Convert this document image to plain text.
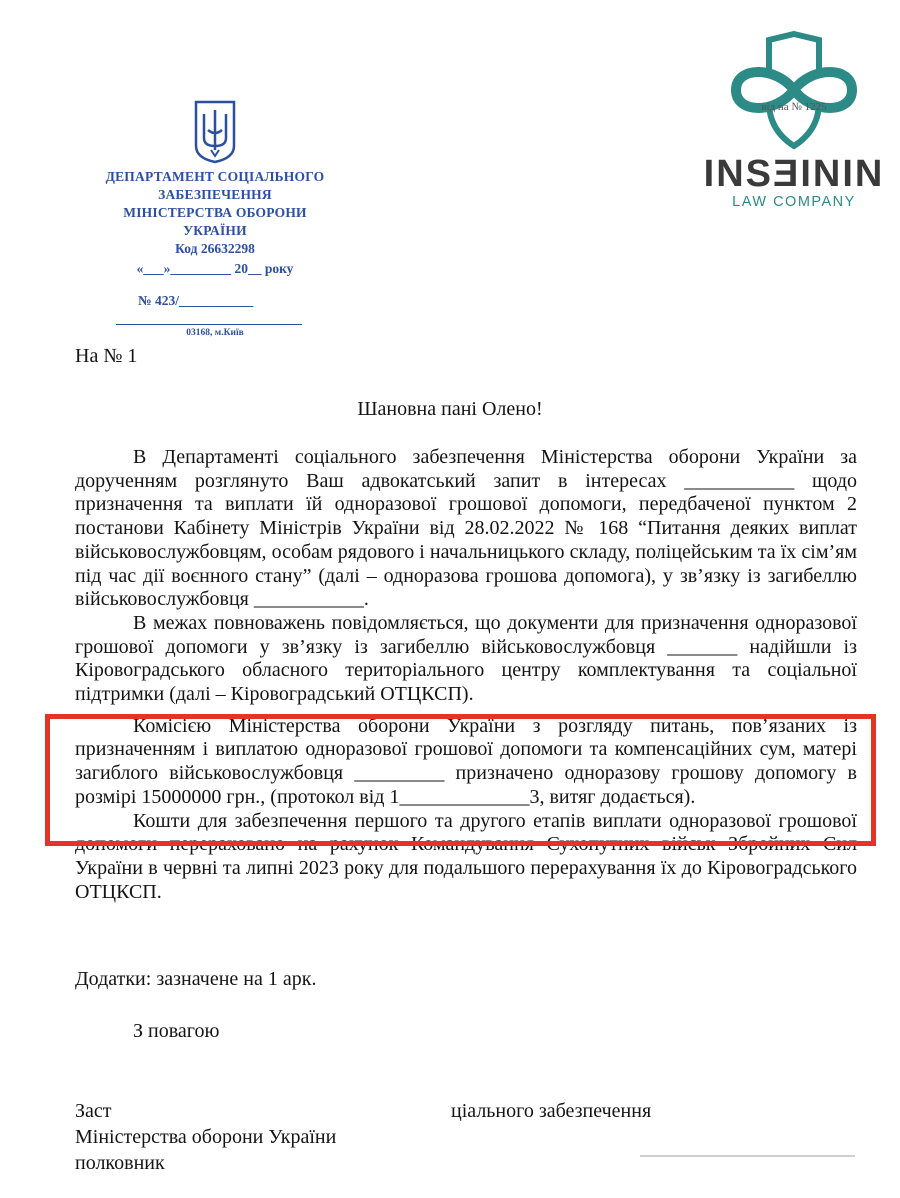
ДЕПАРТАМЕНТ СОЦІАЛЬНОГО
ЗАБЕЗПЕЧЕННЯ
МІНІСТЕРСТВА ОБОРОНИ
УКРАЇНИ
Код 26632298
«___»_________ 20__ року
№ 423/___________
03168, м.Київ
від на № 1225
INSƎININ
LAW COMPANY
На № 1
Шановна пані Олено!

В Департаменті соціального забезпечення Міністерства оборони України за дорученням розглянуто Ваш адвокатський запит в інтересах ___________ щодо призначення та виплати їй одноразової грошової допомоги, передбаченої пунктом 2 постанови Кабінету Міністрів України від 28.02.2022 № 168 “Питання деяких виплат військовослужбовцям, особам рядового і начальницького складу, поліцейським та їх сім’ям під час дії воєнного стану” (далі – одноразова грошова допомога), у зв’язку із загибеллю військовослужбовця ___________.

В межах повноважень повідомляється, що документи для призначення одноразової грошової допомоги у зв’язку із загибеллю військовослужбовця _______ надійшли із Кіровоградського обласного територіального центру комплектування та соціальної підтримки (далі – Кіровоградський ОТЦКСП).

Комісією Міністерства оборони України з розгляду питань, пов’язаних із призначенням і виплатою одноразової грошової допомоги та компенсаційних сум, матері загиблого військовослужбовця _________ призначено одноразову грошову допомогу в розмірі 15000000 грн., (протокол від 1_____________3, витяг додається).

Кошти для забезпечення першого та другого етапів виплати одноразової грошової допомоги перераховано на рахунок Командування Сухопутних військ Збройних Сил України в червні та липні 2023 року для подальшого перерахування їх до Кіровоградського ОТЦКСП.

Додатки: зазначене на 1 арк.
З повагою
Заст	ціального забезпечення
Міністерства оборони України
полковник
